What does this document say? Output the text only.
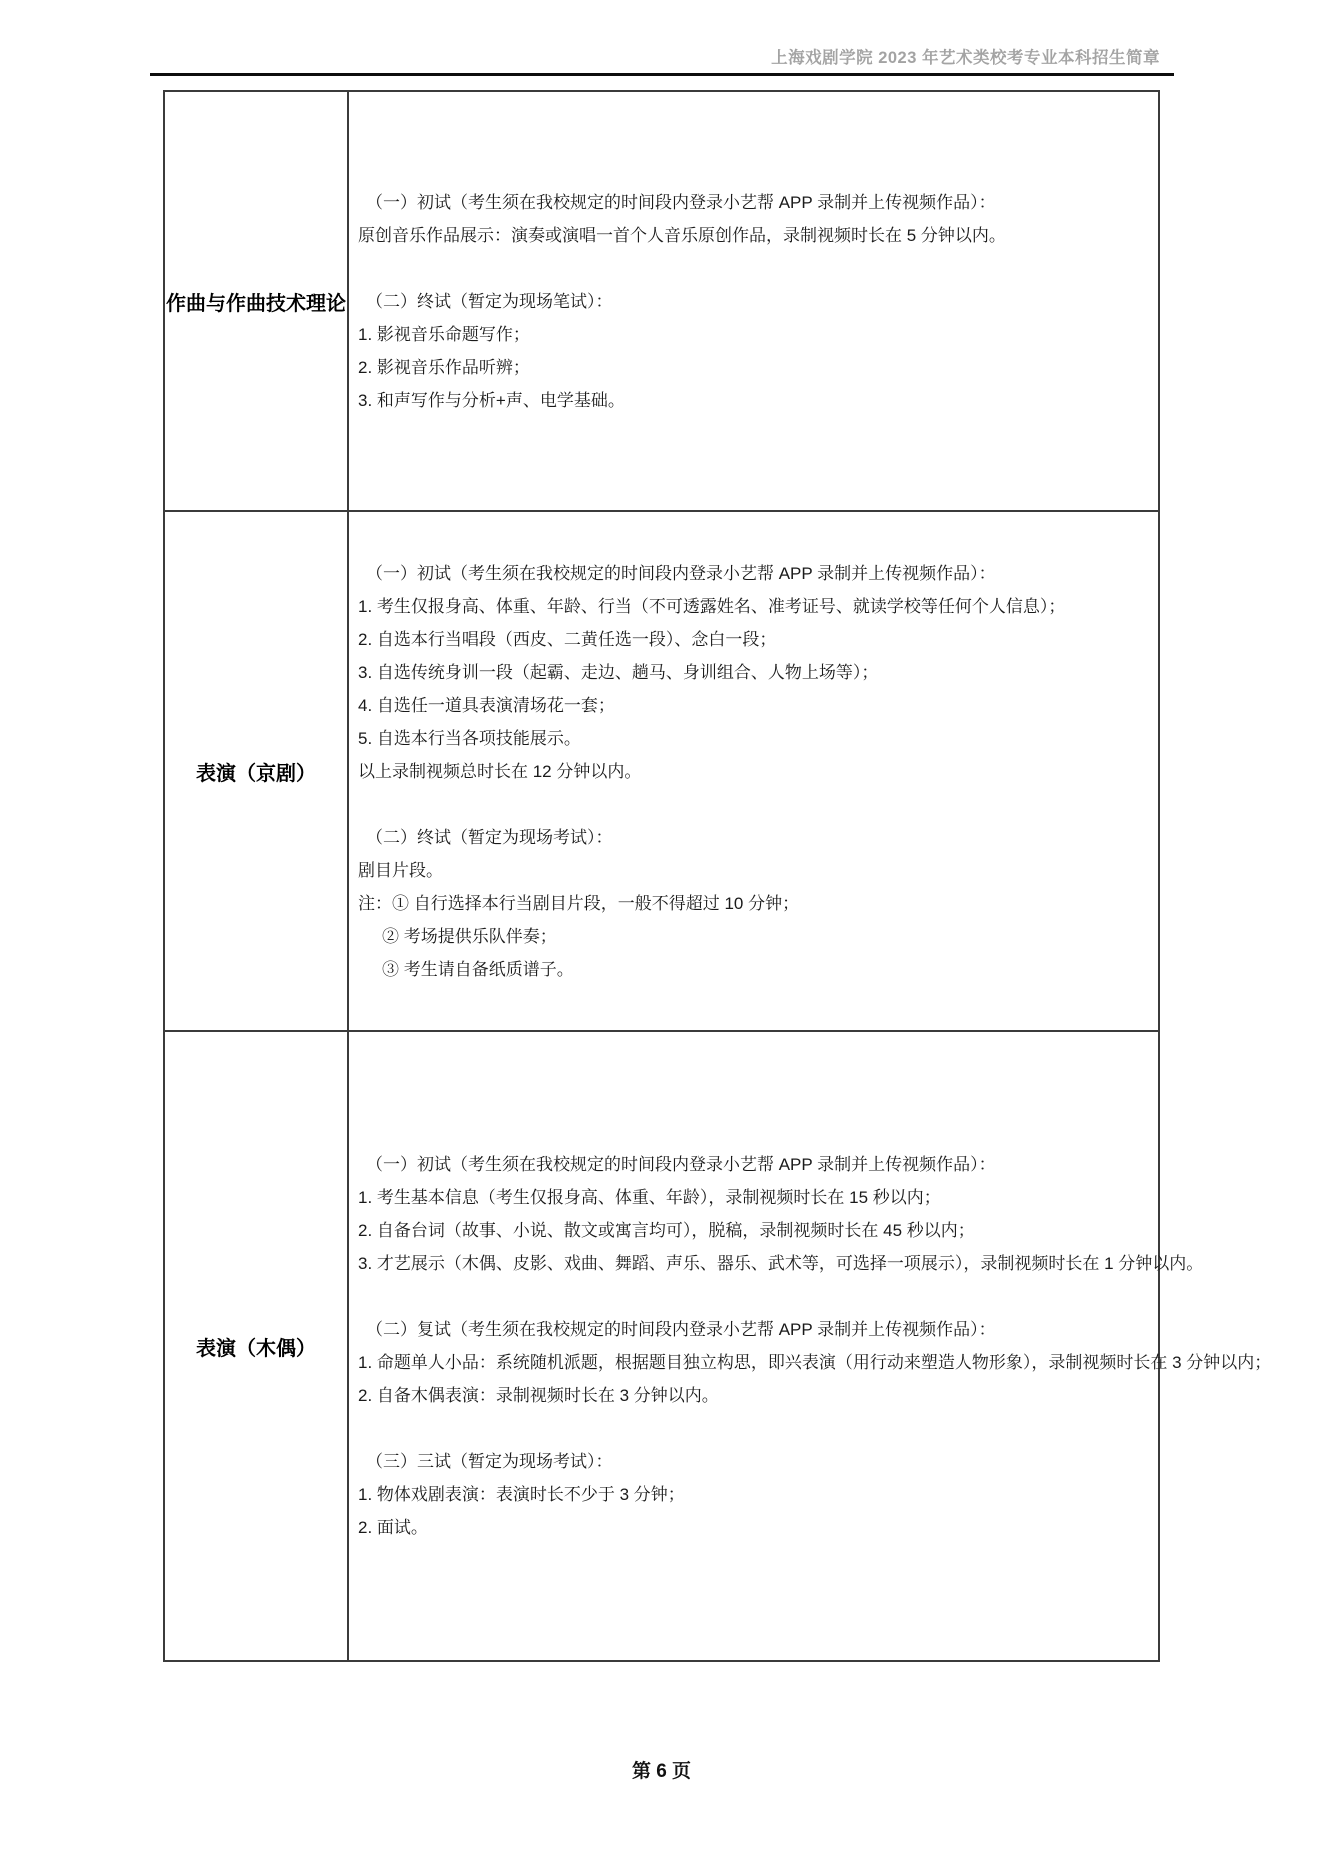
上海戏剧学院 2023 年艺术类校考专业本科招生简章
作曲与作曲技术理论	

（一）初试（考生须在我校规定的时间段内登录小艺帮 APP 录制并上传视频作品）：

原创音乐作品展示：演奏或演唱一首个人音乐原创作品，录制视频时长在 5 分钟以内。

（二）终试（暂定为现场笔试）：

1. 影视音乐命题写作；

2. 影视音乐作品听辨；

3. 和声写作与分析+声、电学基础。

表演（京剧）	

（一）初试（考生须在我校规定的时间段内登录小艺帮 APP 录制并上传视频作品）：

1. 考生仅报身高、体重、年龄、行当（不可透露姓名、准考证号、就读学校等任何个人信息）；

2. 自选本行当唱段（西皮、二黄任选一段）、念白一段；

3. 自选传统身训一段（起霸、走边、趟马、身训组合、人物上场等）；

4. 自选任一道具表演清场花一套；

5. 自选本行当各项技能展示。

以上录制视频总时长在 12 分钟以内。

（二）终试（暂定为现场考试）：

剧目片段。

注：① 自行选择本行当剧目片段，一般不得超过 10 分钟；

② 考场提供乐队伴奏；

③ 考生请自备纸质谱子。

表演（木偶）	

（一）初试（考生须在我校规定的时间段内登录小艺帮 APP 录制并上传视频作品）：

1. 考生基本信息（考生仅报身高、体重、年龄），录制视频时长在 15 秒以内；

2. 自备台词（故事、小说、散文或寓言均可），脱稿，录制视频时长在 45 秒以内；

3. 才艺展示（木偶、皮影、戏曲、舞蹈、声乐、器乐、武术等，可选择一项展示），录制视频时长在 1 分钟以内。

（二）复试（考生须在我校规定的时间段内登录小艺帮 APP 录制并上传视频作品）：

1. 命题单人小品：系统随机派题，根据题目独立构思，即兴表演（用行动来塑造人物形象），录制视频时长在 3 分钟以内；

2. 自备木偶表演：录制视频时长在 3 分钟以内。

（三）三试（暂定为现场考试）：

1. 物体戏剧表演：表演时长不少于 3 分钟；

2. 面试。

第 6 页
